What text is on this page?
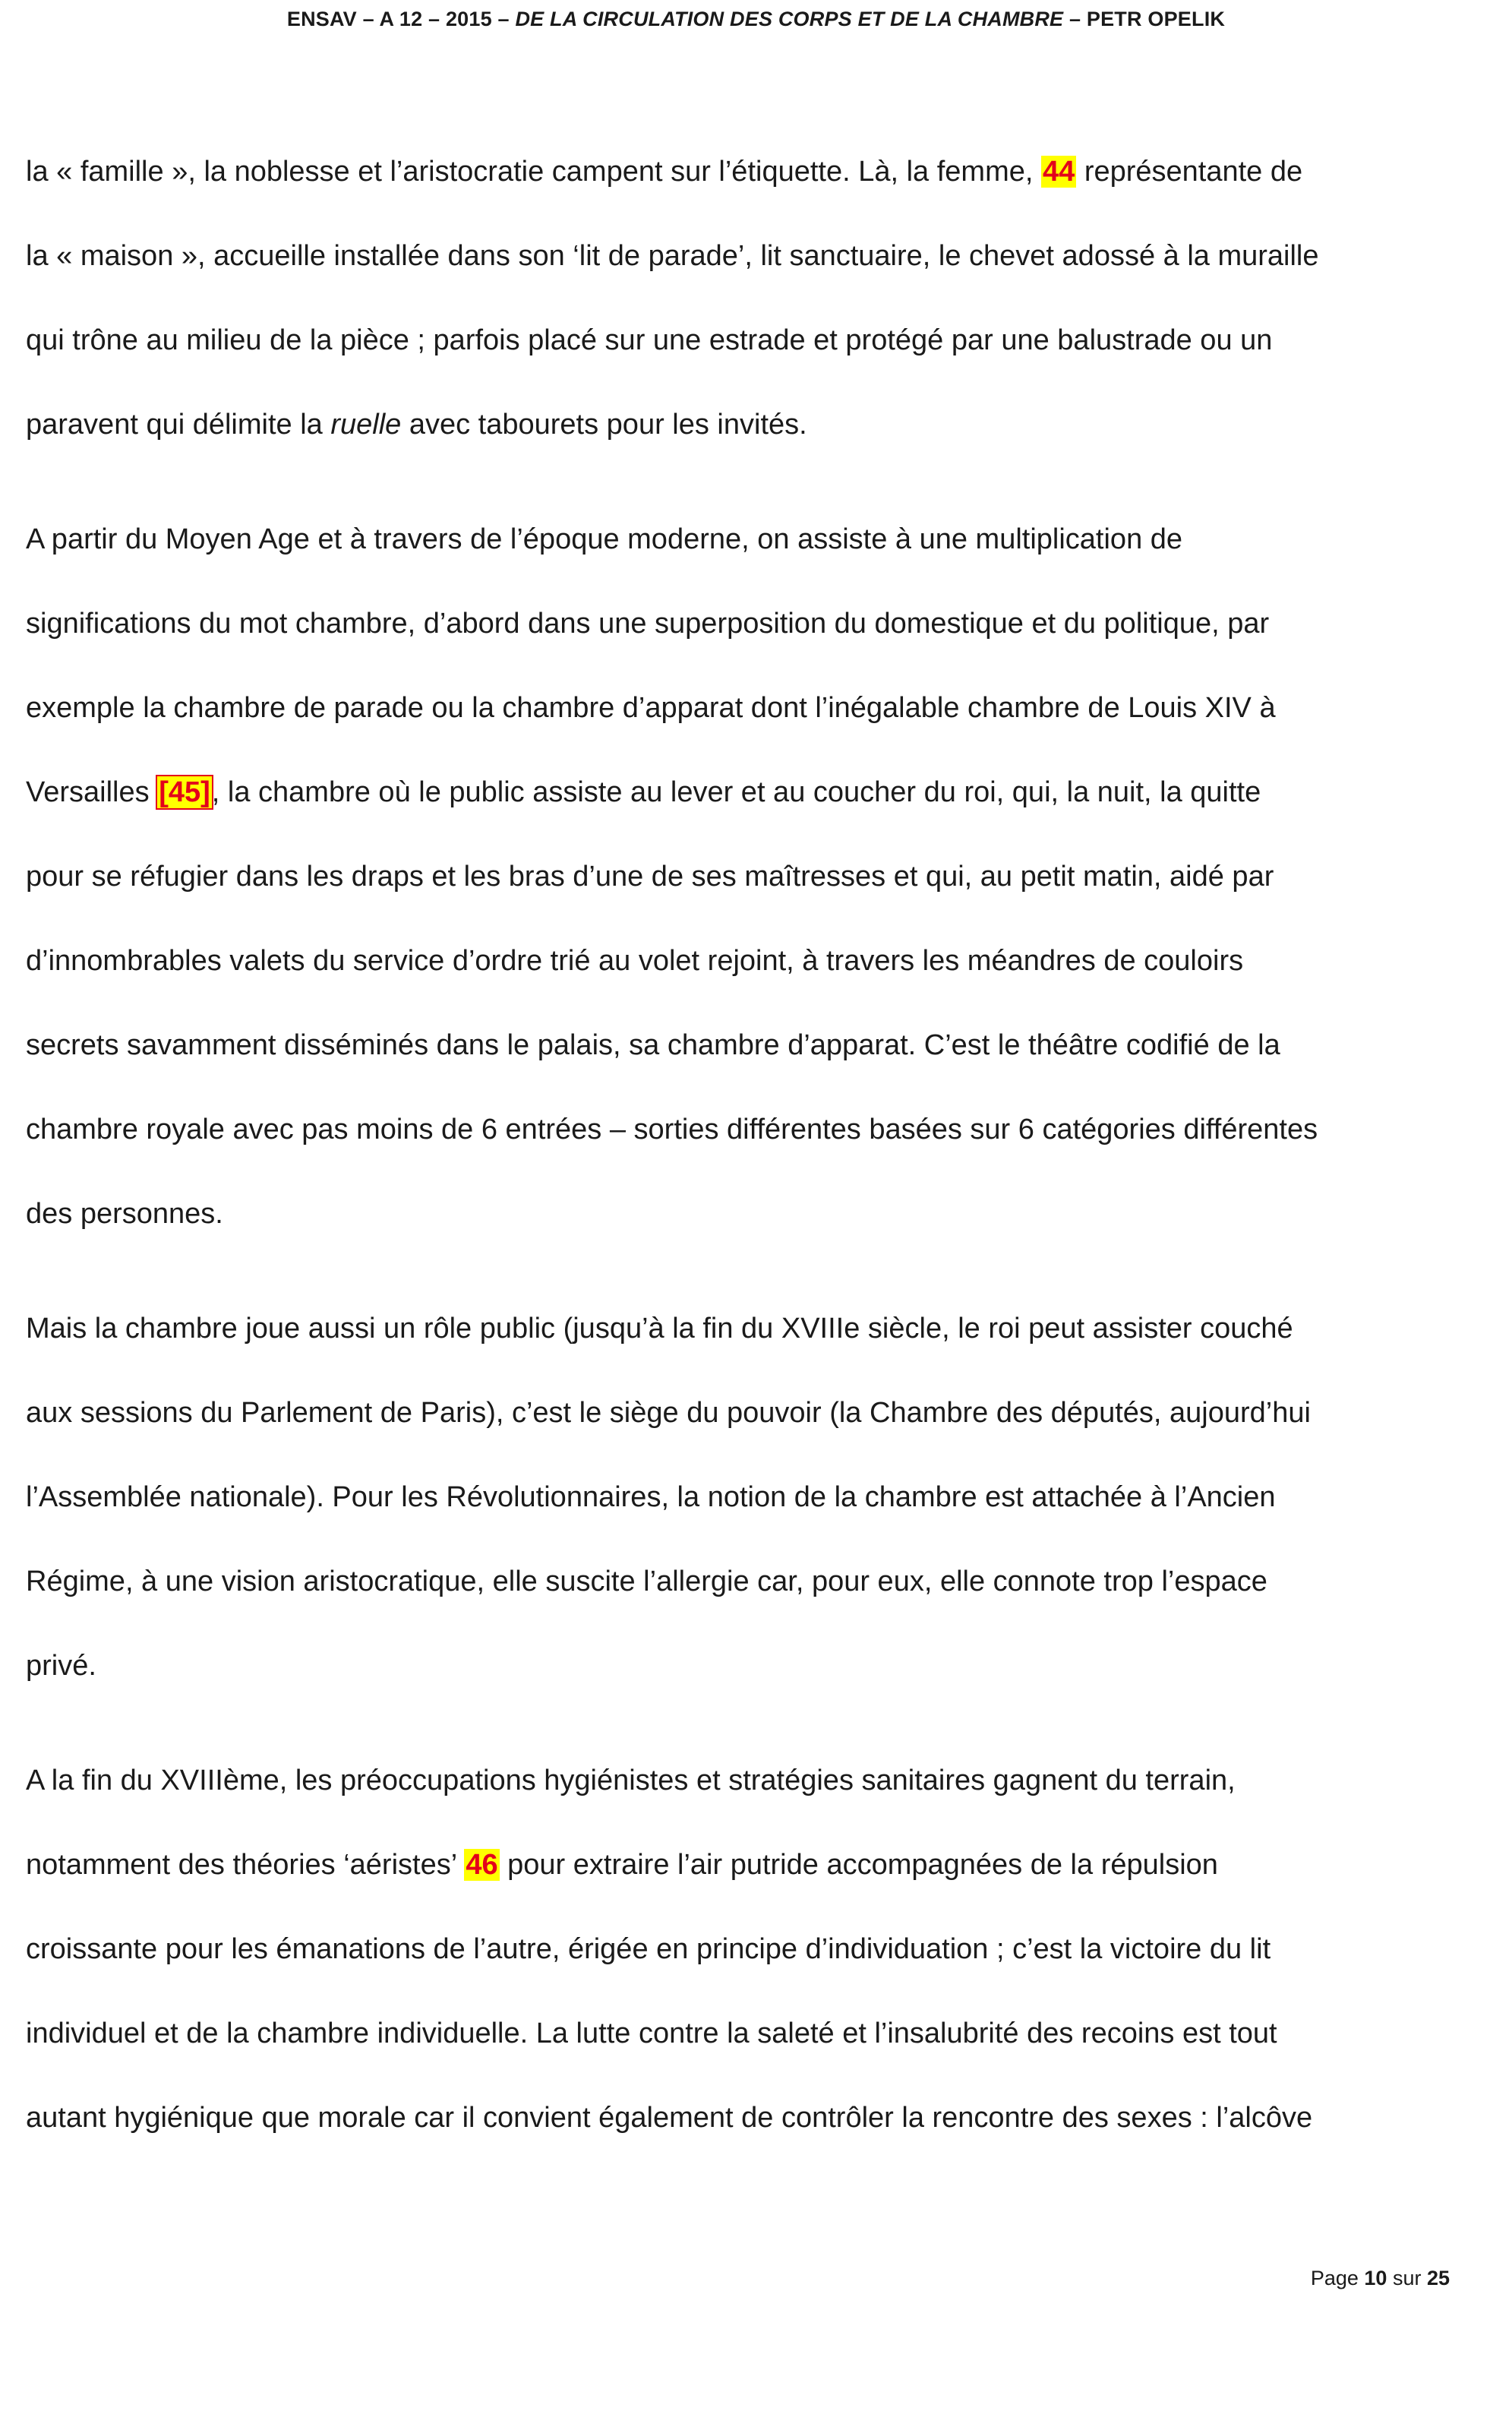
ENSAV – A 12 – 2015 – DE LA CIRCULATION DES CORPS ET DE LA CHAMBRE – PETR OPELIK
la « famille », la noblesse et l’aristocratie campent sur l’étiquette. Là, la femme, 44 représentante de
la « maison », accueille installée dans son ‘lit de parade’, lit sanctuaire, le chevet adossé à la muraille
qui trône au milieu de la pièce ; parfois placé sur une estrade et protégé par une balustrade ou un
paravent qui délimite la ruelle avec tabourets pour les invités.
A partir du Moyen Age et à travers de l’époque moderne, on assiste à une multiplication de
significations du mot chambre, d’abord dans une superposition du domestique et du politique, par
exemple la chambre de parade ou la chambre d’apparat dont l’inégalable chambre de Louis XIV à
Versailles [45], la chambre où le public assiste au lever et au coucher du roi, qui, la nuit, la quitte
pour se réfugier dans les draps et les bras d’une de ses maîtresses et qui, au petit matin, aidé par
d’innombrables valets du service d’ordre trié au volet rejoint, à travers les méandres de couloirs
secrets savamment disséminés dans le palais, sa chambre d’apparat. C’est le théâtre codifié de la
chambre royale avec pas moins de 6 entrées – sorties différentes basées sur 6 catégories différentes
des personnes.
Mais la chambre joue aussi un rôle public (jusqu’à la fin du XVIIIe siècle, le roi peut assister couché
aux sessions du Parlement de Paris), c’est le siège du pouvoir (la Chambre des députés, aujourd’hui
l’Assemblée nationale). Pour les Révolutionnaires, la notion de la chambre est attachée à l’Ancien
Régime, à une vision aristocratique, elle suscite l’allergie car, pour eux, elle connote trop l’espace
privé.
A la fin du XVIIIème, les préoccupations hygiénistes et stratégies sanitaires gagnent du terrain,
notamment des théories ‘aéristes’ 46 pour extraire l’air putride accompagnées de la répulsion
croissante pour les émanations de l’autre, érigée en principe d’individuation ; c’est la victoire du lit
individuel et de la chambre individuelle. La lutte contre la saleté et l’insalubrité des recoins est tout
autant hygiénique que morale car il convient également de contrôler la rencontre des sexes : l’alcôve
Page 10 sur 25
